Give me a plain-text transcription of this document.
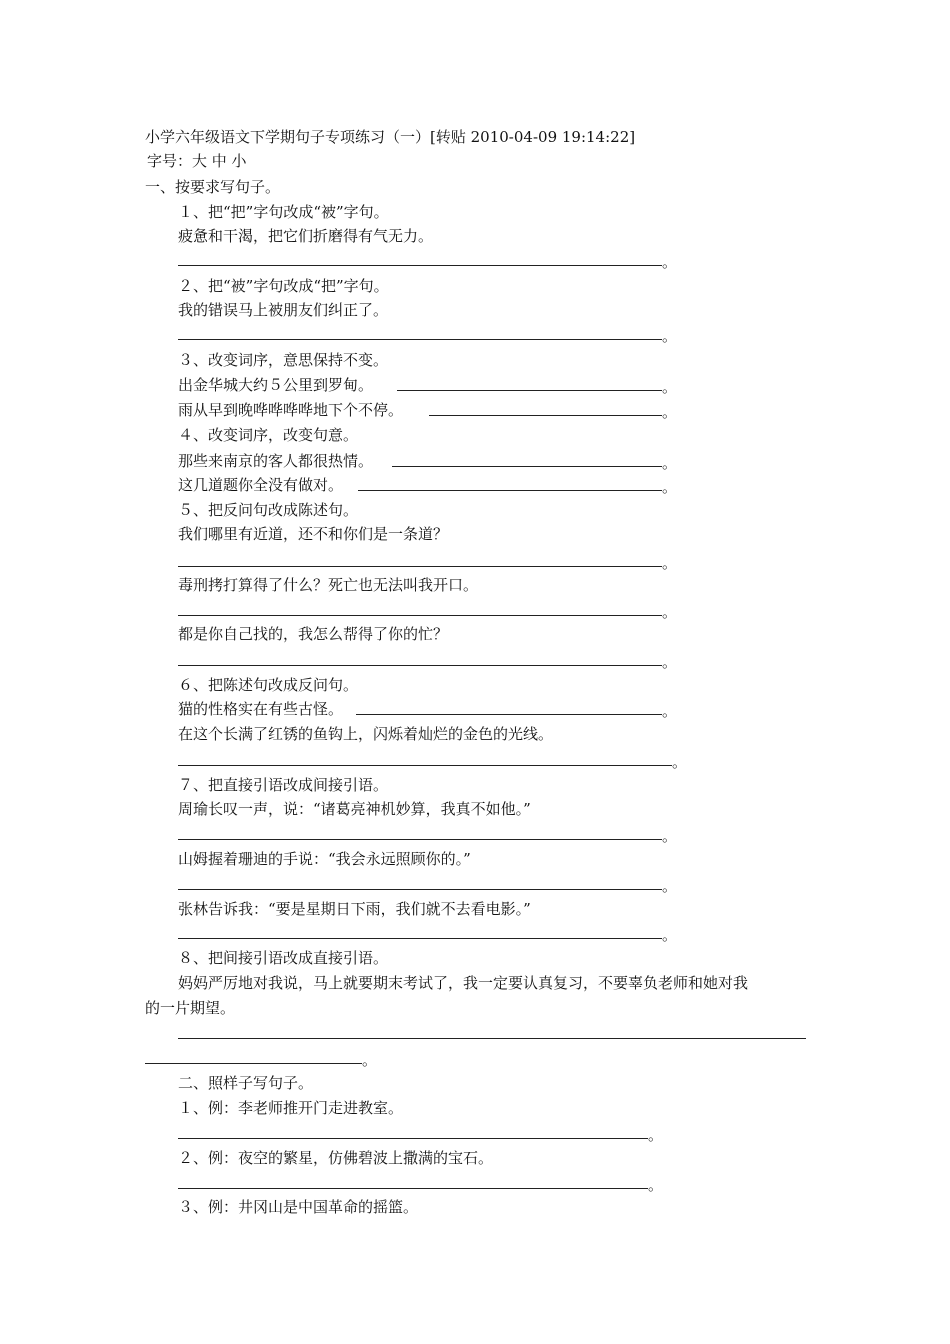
小学六年级语文下学期句子专项练习（一）[转贴 2010-04-09 19:14:22]
字号：大 中 小
一、按要求写句子。
１、把“把”字句改成“被”字句。
疲惫和干渴，把它们折磨得有气无力。
。
２、把“被”字句改成“把”字句。
我的错误马上被朋友们纠正了。
。
３、改变词序，意思保持不变。
出金华城大约５公里到罗甸。	。
雨从早到晚哗哗哗哗地下个不停。	。
４、改变词序，改变句意。
那些来南京的客人都很热情。	。
这几道题你全没有做对。	。
５、把反问句改成陈述句。
我们哪里有近道，还不和你们是一条道？
。
毒刑拷打算得了什么？死亡也无法叫我开口。
。
都是你自己找的，我怎么帮得了你的忙？
。
６、把陈述句改成反问句。
猫的性格实在有些古怪。	。
在这个长满了红锈的鱼钩上，闪烁着灿烂的金色的光线。
。
７、把直接引语改成间接引语。
周瑜长叹一声，说：“诸葛亮神机妙算，我真不如他。”
。
山姆握着珊迪的手说：“我会永远照顾你的。”
。
张林告诉我：“要是星期日下雨，我们就不去看电影。”
。
８、把间接引语改成直接引语。
妈妈严厉地对我说，马上就要期末考试了，我一定要认真复习，不要辜负老师和她对我
的一片期望。
。
二、照样子写句子。
１、例：李老师推开门走进教室。
。
２、例：夜空的繁星，仿佛碧波上撒满的宝石。
。
３、例：井冈山是中国革命的摇篮。
